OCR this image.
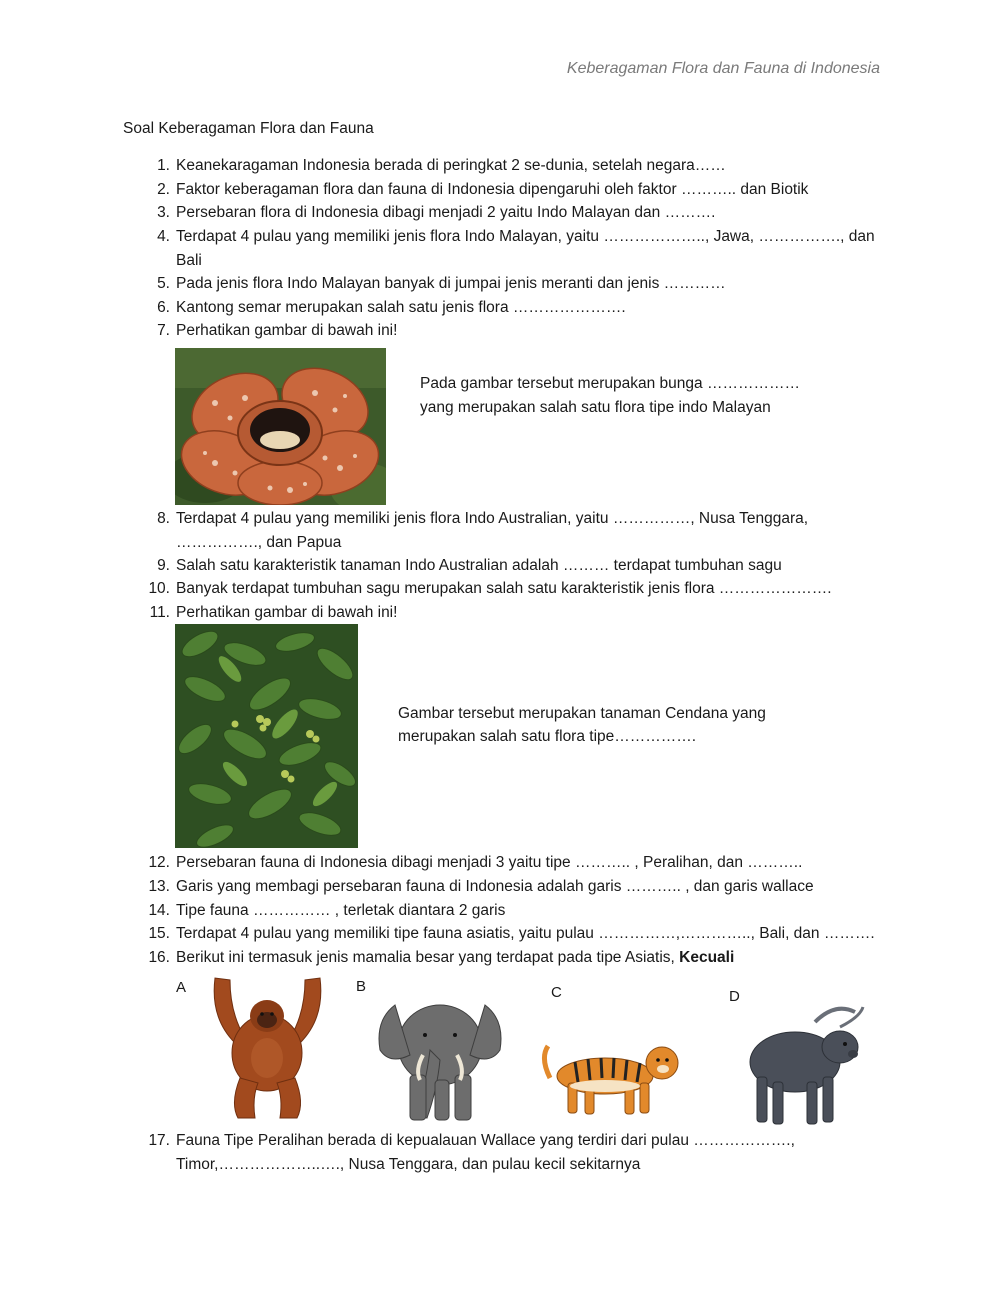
Keberagaman Flora dan Fauna di Indonesia
Soal Keberagaman Flora dan Fauna
1. Keanekaragaman Indonesia berada di peringkat 2 se-dunia, setelah negara……
2. Faktor keberagaman flora dan fauna di Indonesia dipengaruhi oleh faktor ……….. dan Biotik
3. Persebaran flora di Indonesia dibagi menjadi 2 yaitu Indo Malayan dan ……….
4. Terdapat 4 pulau yang memiliki jenis flora Indo Malayan, yaitu ……………….., Jawa, ……………., dan Bali
5. Pada jenis flora Indo Malayan banyak di jumpai jenis meranti dan jenis …………
6. Kantong semar merupakan salah satu jenis flora ………………….
7. Perhatikan gambar di bawah ini!
Pada gambar tersebut merupakan bunga ………………
yang merupakan salah satu flora tipe indo Malayan
8. Terdapat 4 pulau yang memiliki jenis flora Indo Australian, yaitu ……………, Nusa Tenggara, ……………., dan Papua
9. Salah satu karakteristik tanaman Indo Australian adalah ……… terdapat tumbuhan sagu
10. Banyak terdapat tumbuhan sagu merupakan salah satu karakteristik jenis flora ………………….
11. Perhatikan gambar di bawah ini!
Gambar tersebut merupakan tanaman Cendana yang
merupakan salah satu flora tipe…………….
12. Persebaran fauna di Indonesia dibagi menjadi 3 yaitu tipe ……….. , Peralihan, dan ………..
13. Garis yang membagi persebaran fauna di Indonesia adalah garis ……….. , dan garis wallace
14. Tipe fauna …………… , terletak diantara 2 garis
15. Terdapat 4 pulau yang memiliki tipe fauna asiatis, yaitu pulau ……………,………….., Bali, dan ……….
16. Berikut ini termasuk jenis mamalia besar yang terdapat pada tipe Asiatis, Kecuali
A	B	C	D
17. Fauna Tipe Peralihan berada di kepualauan Wallace yang terdiri dari pulau ………………., Timor,………………..…., Nusa Tenggara, dan pulau kecil sekitarnya
